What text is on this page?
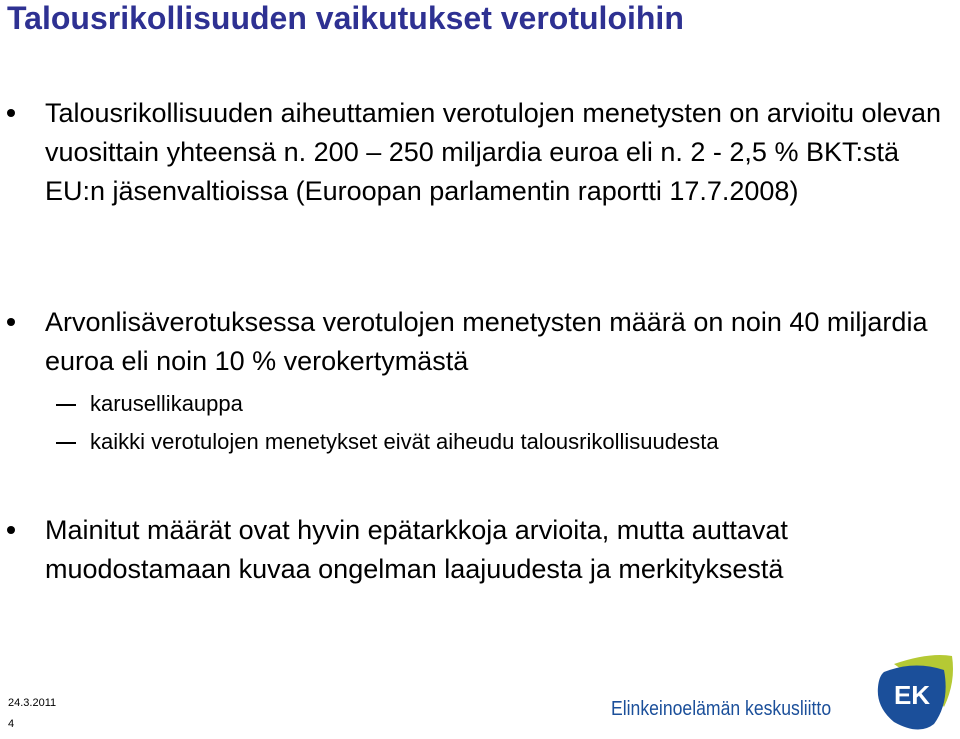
Talousrikollisuuden vaikutukset verotuloihin
Talousrikollisuuden aiheuttamien verotulojen menetysten on arvioitu olevan vuosittain yhteensä n. 200 – 250 miljardia euroa eli n. 2 - 2,5 % BKT:stä EU:n jäsenvaltioissa (Euroopan parlamentin raportti 17.7.2008)
Arvonlisäverotuksessa verotulojen menetysten määrä on noin 40 miljardia euroa eli noin 10 % verokertymästä
karusellikauppa
kaikki verotulojen menetykset eivät aiheudu talousrikollisuudesta
Mainitut määrät ovat hyvin epätarkkoja arvioita, mutta auttavat muodostamaan kuvaa ongelman laajuudesta ja merkityksestä
24.3.2011
4
Elinkeinoelämän keskusliitto EK
